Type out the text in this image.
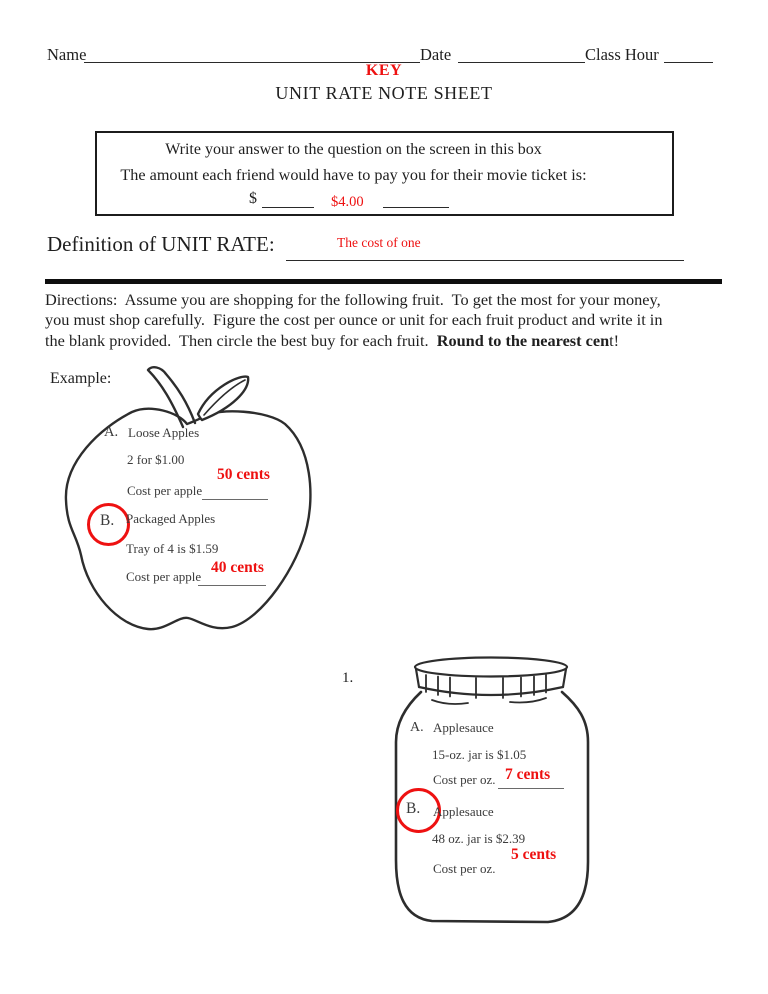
Name	Date	Class Hour
KEY
UNIT RATE NOTE SHEET
Write your answer to the question on the screen in this box
The amount each friend would have to pay you for their movie ticket is:
$	$4.00
Definition of UNIT RATE:	The cost of one
Directions:  Assume you are shopping for the following fruit.  To get the most for your money,
you must shop carefully.  Figure the cost per ounce or unit for each fruit product and write it in
the blank provided.  Then circle the best buy for each fruit.  Round to the nearest cent!
Example:
A. Loose Apples
2 for $1.00
50 cents
Cost per apple
B. Packaged Apples
Tray of 4 is $1.59
40 cents
Cost per apple
1.
A. Applesauce
15-oz. jar is $1.05
Cost per oz. 7 cents
B. Applesauce
48 oz. jar is $2.39
5 cents
Cost per oz.
